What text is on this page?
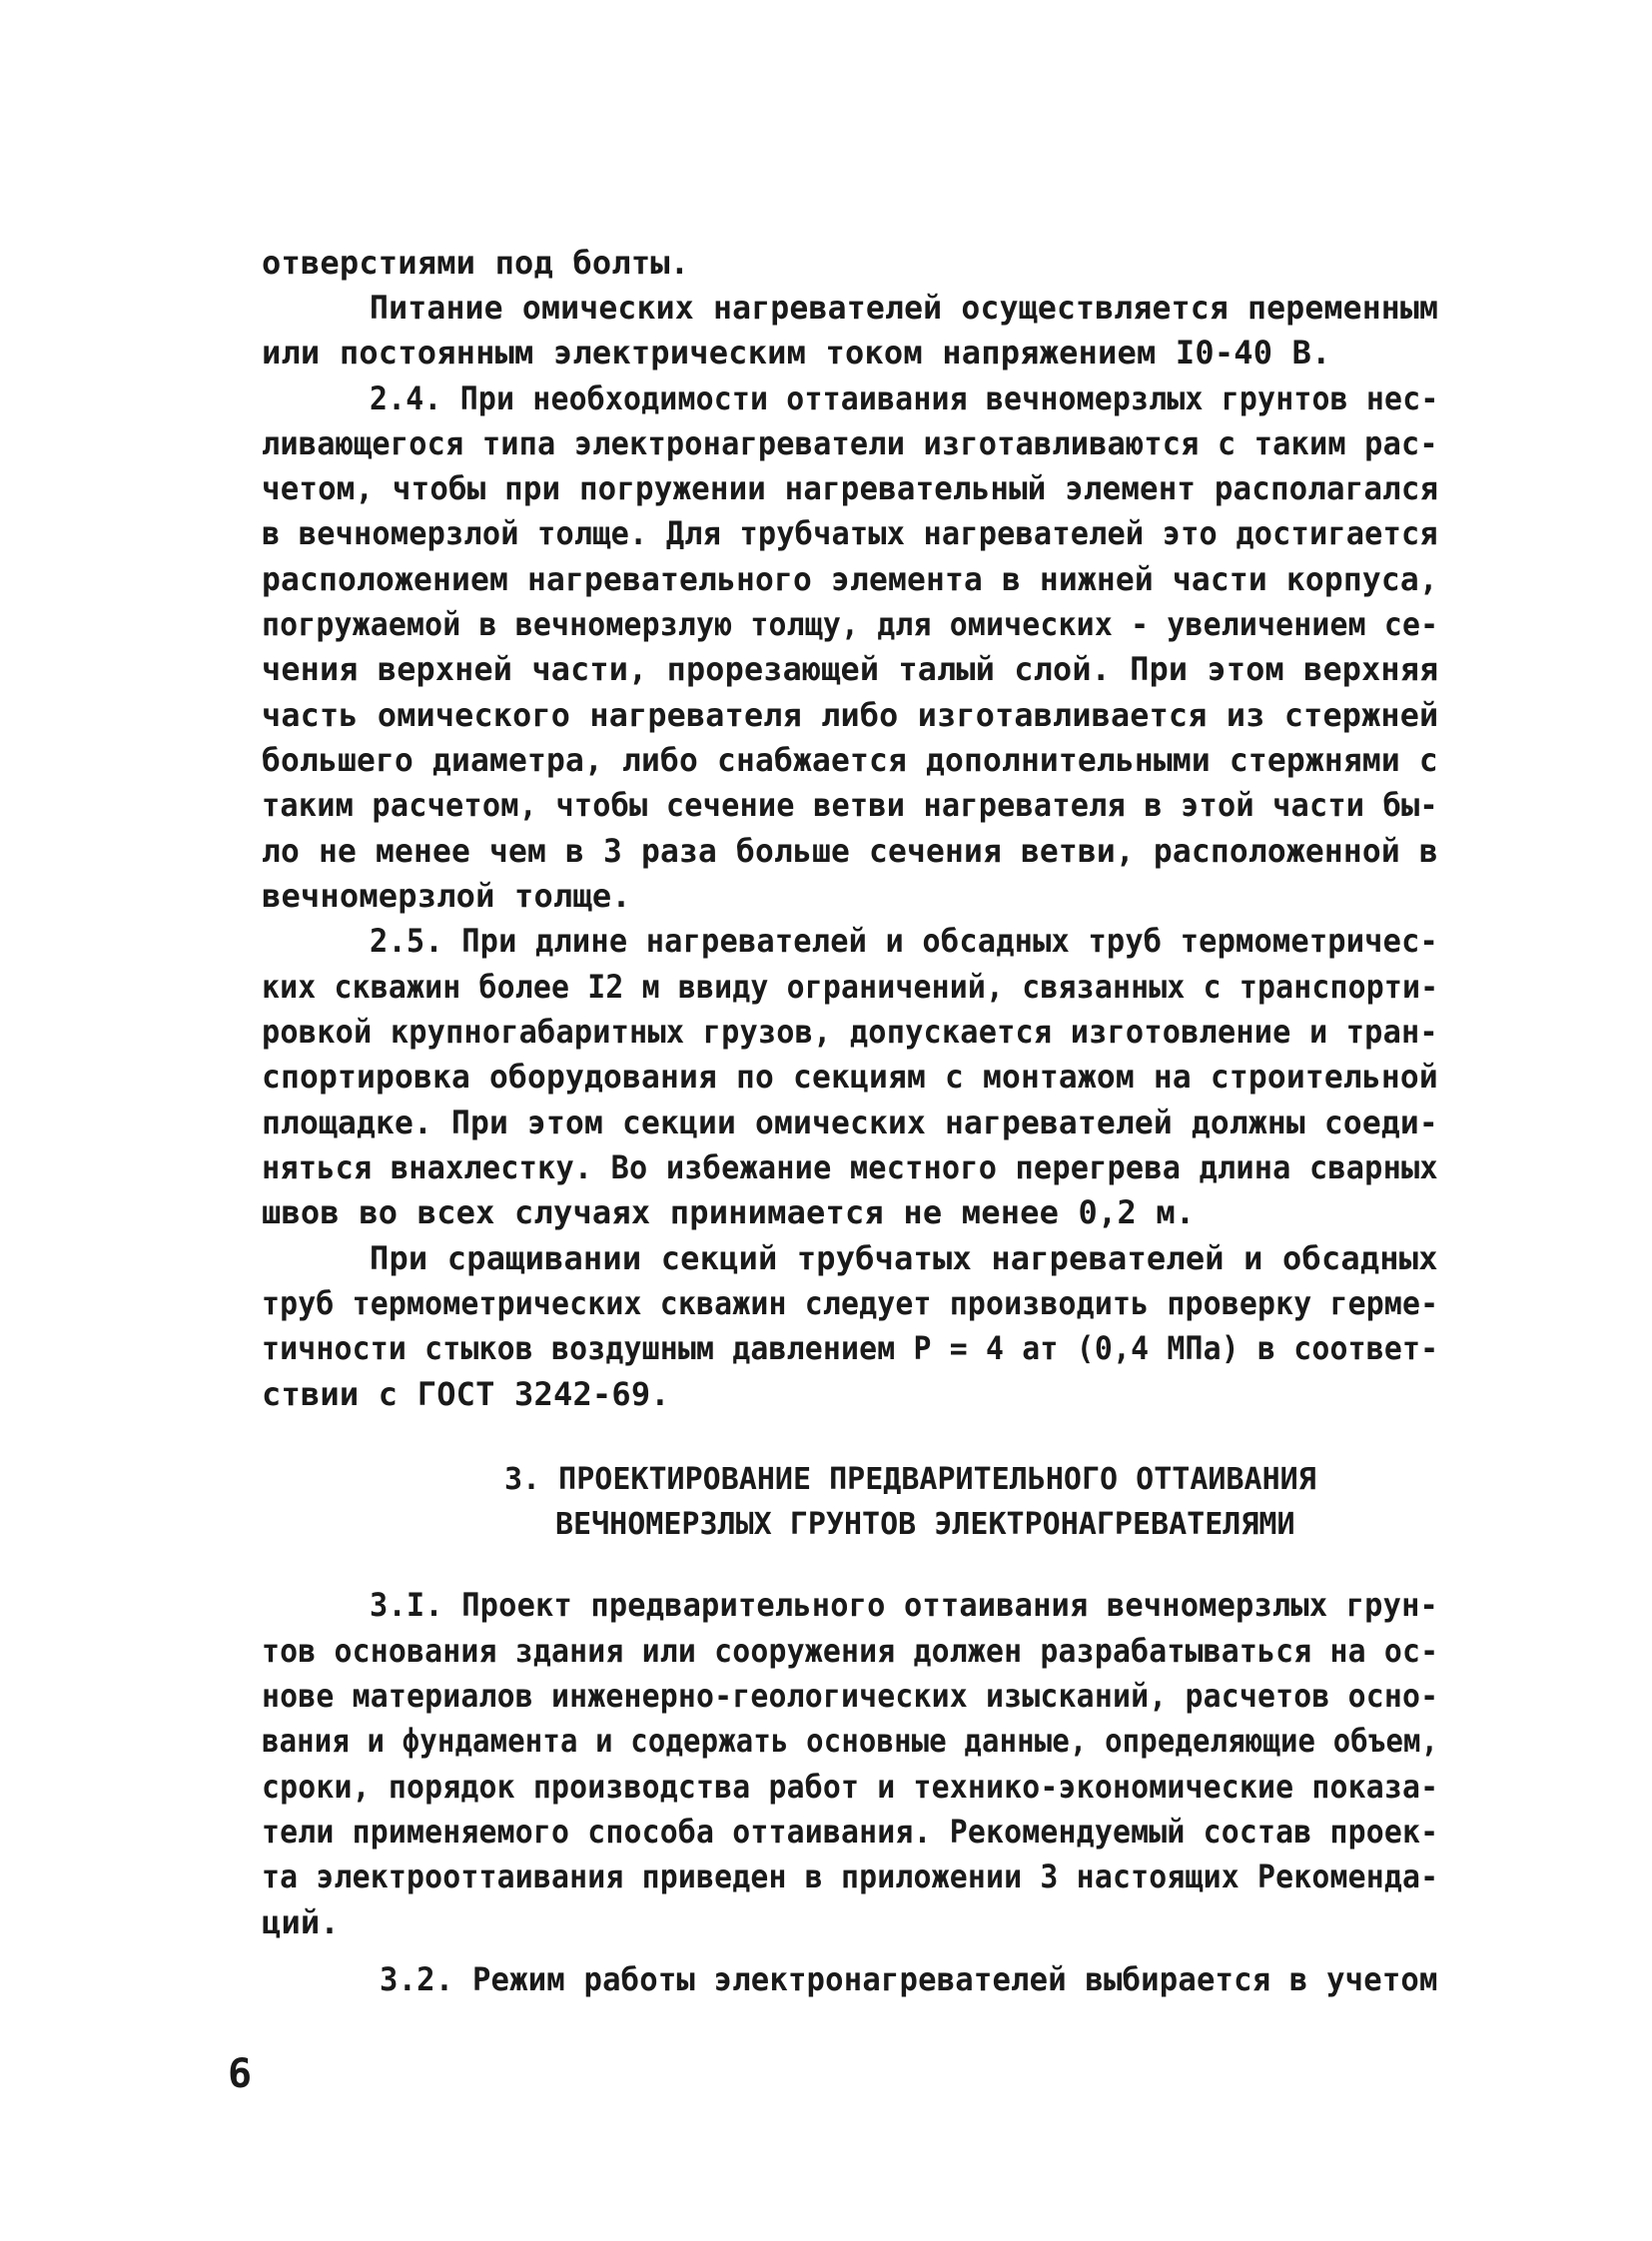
отверстиями под болты.
Питание омических нагревателей осуществляется переменным
или постоянным электрическим током напряжением I0-40 В.
2.4. При необходимости оттаивания вечномерзлых грунтов нес-
ливающегося типа электронагреватели изготавливаются с таким рас-
четом, чтобы при погружении нагревательный элемент располагался
в вечномерзлой толще. Для трубчатых нагревателей это достигается
расположением нагревательного элемента в нижней части корпуса,
погружаемой в вечномерзлую толщу, для омических - увеличением се-
чения верхней части, прорезающей талый слой. При этом верхняя
часть омического нагревателя либо изготавливается из стержней
большего диаметра, либо снабжается дополнительными стержнями с
таким расчетом, чтобы сечение ветви нагревателя в этой части бы-
ло не менее чем в 3 раза больше сечения ветви, расположенной в
вечномерзлой толще.
2.5. При длине нагревателей и обсадных труб термометричес-
ких скважин более I2 м ввиду ограничений, связанных с транспорти-
ровкой крупногабаритных грузов, допускается изготовление и тран-
спортировка оборудования по секциям с монтажом на строительной
площадке. При этом секции омических нагревателей должны соеди-
няться внахлестку. Во избежание местного перегрева длина сварных
швов во всех случаях принимается не менее 0,2 м.
При сращивании секций трубчатых нагревателей и обсадных
труб термометрических скважин следует производить проверку герме-
тичности стыков воздушным давлением Р = 4 ат (0,4 МПа) в соответ-
ствии с ГОСТ 3242-69.
3. ПРОЕКТИРОВАНИЕ ПРЕДВАРИТЕЛЬНОГО ОТТАИВАНИЯ
ВЕЧНОМЕРЗЛЫХ ГРУНТОВ ЭЛЕКТРОНАГРЕВАТЕЛЯМИ
3.I. Проект предварительного оттаивания вечномерзлых грун-
тов основания здания или сооружения должен разрабатываться на ос-
нове материалов инженерно-геологических изысканий, расчетов осно-
вания и фундамента и содержать основные данные, определяющие объем,
сроки, порядок производства работ и технико-экономические показа-
тели применяемого способа оттаивания. Рекомендуемый состав проек-
та электрооттаивания приведен в приложении 3 настоящих Рекоменда-
ций.
3.2. Режим работы электронагревателей выбирается в учетом
6
